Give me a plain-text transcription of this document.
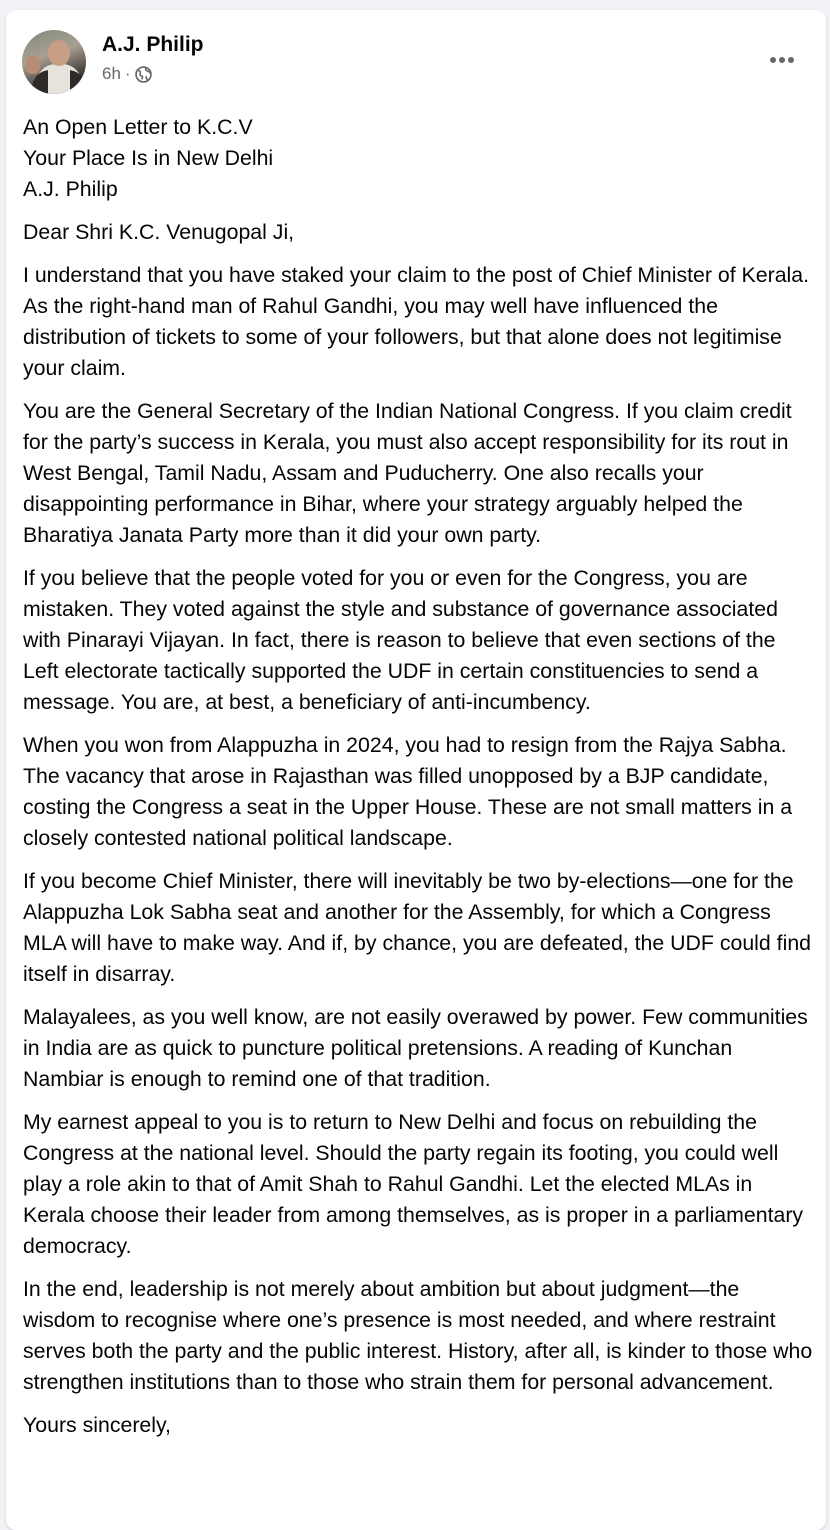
A.J. Philip
6h ·

An Open Letter to K.C.V
Your Place Is in New Delhi
A.J. Philip

Dear Shri K.C. Venugopal Ji,

I understand that you have staked your claim to the post of Chief Minister of Kerala. As the right-hand man of Rahul Gandhi, you may well have influenced the distribution of tickets to some of your followers, but that alone does not legitimise your claim.

You are the General Secretary of the Indian National Congress. If you claim credit for the party’s success in Kerala, you must also accept responsibility for its rout in West Bengal, Tamil Nadu, Assam and Puducherry. One also recalls your disappointing performance in Bihar, where your strategy arguably helped the Bharatiya Janata Party more than it did your own party.

If you believe that the people voted for you or even for the Congress, you are mistaken. They voted against the style and substance of governance associated with Pinarayi Vijayan. In fact, there is reason to believe that even sections of the Left electorate tactically supported the UDF in certain constituencies to send a message. You are, at best, a beneficiary of anti-incumbency.

When you won from Alappuzha in 2024, you had to resign from the Rajya Sabha. The vacancy that arose in Rajasthan was filled unopposed by a BJP candidate, costing the Congress a seat in the Upper House. These are not small matters in a closely contested national political landscape.

If you become Chief Minister, there will inevitably be two by-elections—one for the Alappuzha Lok Sabha seat and another for the Assembly, for which a Congress MLA will have to make way. And if, by chance, you are defeated, the UDF could find itself in disarray.

Malayalees, as you well know, are not easily overawed by power. Few communities in India are as quick to puncture political pretensions. A reading of Kunchan Nambiar is enough to remind one of that tradition.

My earnest appeal to you is to return to New Delhi and focus on rebuilding the Congress at the national level. Should the party regain its footing, you could well play a role akin to that of Amit Shah to Rahul Gandhi. Let the elected MLAs in Kerala choose their leader from among themselves, as is proper in a parliamentary democracy.

In the end, leadership is not merely about ambition but about judgment—the wisdom to recognise where one’s presence is most needed, and where restraint serves both the party and the public interest. History, after all, is kinder to those who strengthen institutions than to those who strain them for personal advancement.

Yours sincerely,
